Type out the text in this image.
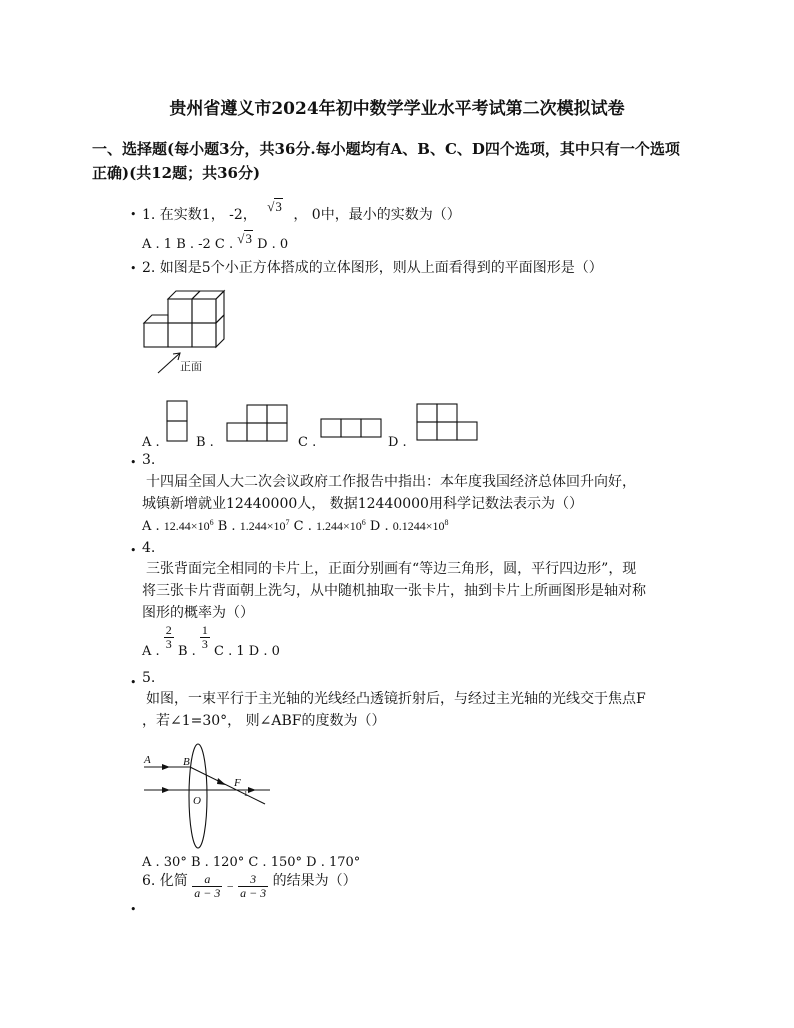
贵州省遵义市2024年初中数学学业水平考试第二次模拟试卷
一、选择题(每小题3分，共36分.每小题均有A、B、C、D四个选项，其中只有一个选项
正确)(共12题；共36分)
• 1. 在实数1， -2， √3 ， 0中，最小的实数为（）
A . 1 B . -2 C . √3 D . 0
• 2. 如图是5个小正方体搭成的立体图形，则从上面看得到的平面图形是（）
正面
A .	B .	C .	D .
• 3.
十四届全国人大二次会议政府工作报告中指出：本年度我国经济总体回升向好，
城镇新增就业12440000人， 数据12440000用科学记数法表示为（）
A . $12.44\times 10^6$ B . $1.244\times 10^7$ C . $1.244\times 10^6$ D . $0.1244\times 10^8$
• 4.
三张背面完全相同的卡片上，正面分别画有“等边三角形，圆，平行四边形”，现
将三张卡片背面朝上洗匀，从中随机抽取一张卡片，抽到卡片上所画图形是轴对称
图形的概率为（）
A .
$\frac{2}{3}$
B .
$\frac{1}{3}$
C . 1 D . 0
• 5.
如图，一束平行于主光轴的光线经凸透镜折射后，与经过主光轴的光线交于焦点F
，若∠1=30°， 则∠ABF的度数为（）
A	B
O
F
1
A . 30° B . 120° C . 150° D . 170°
•
6. 化简 $\frac{a}{a - 3} - \frac{3}{a - 3}$ 的结果为（）
